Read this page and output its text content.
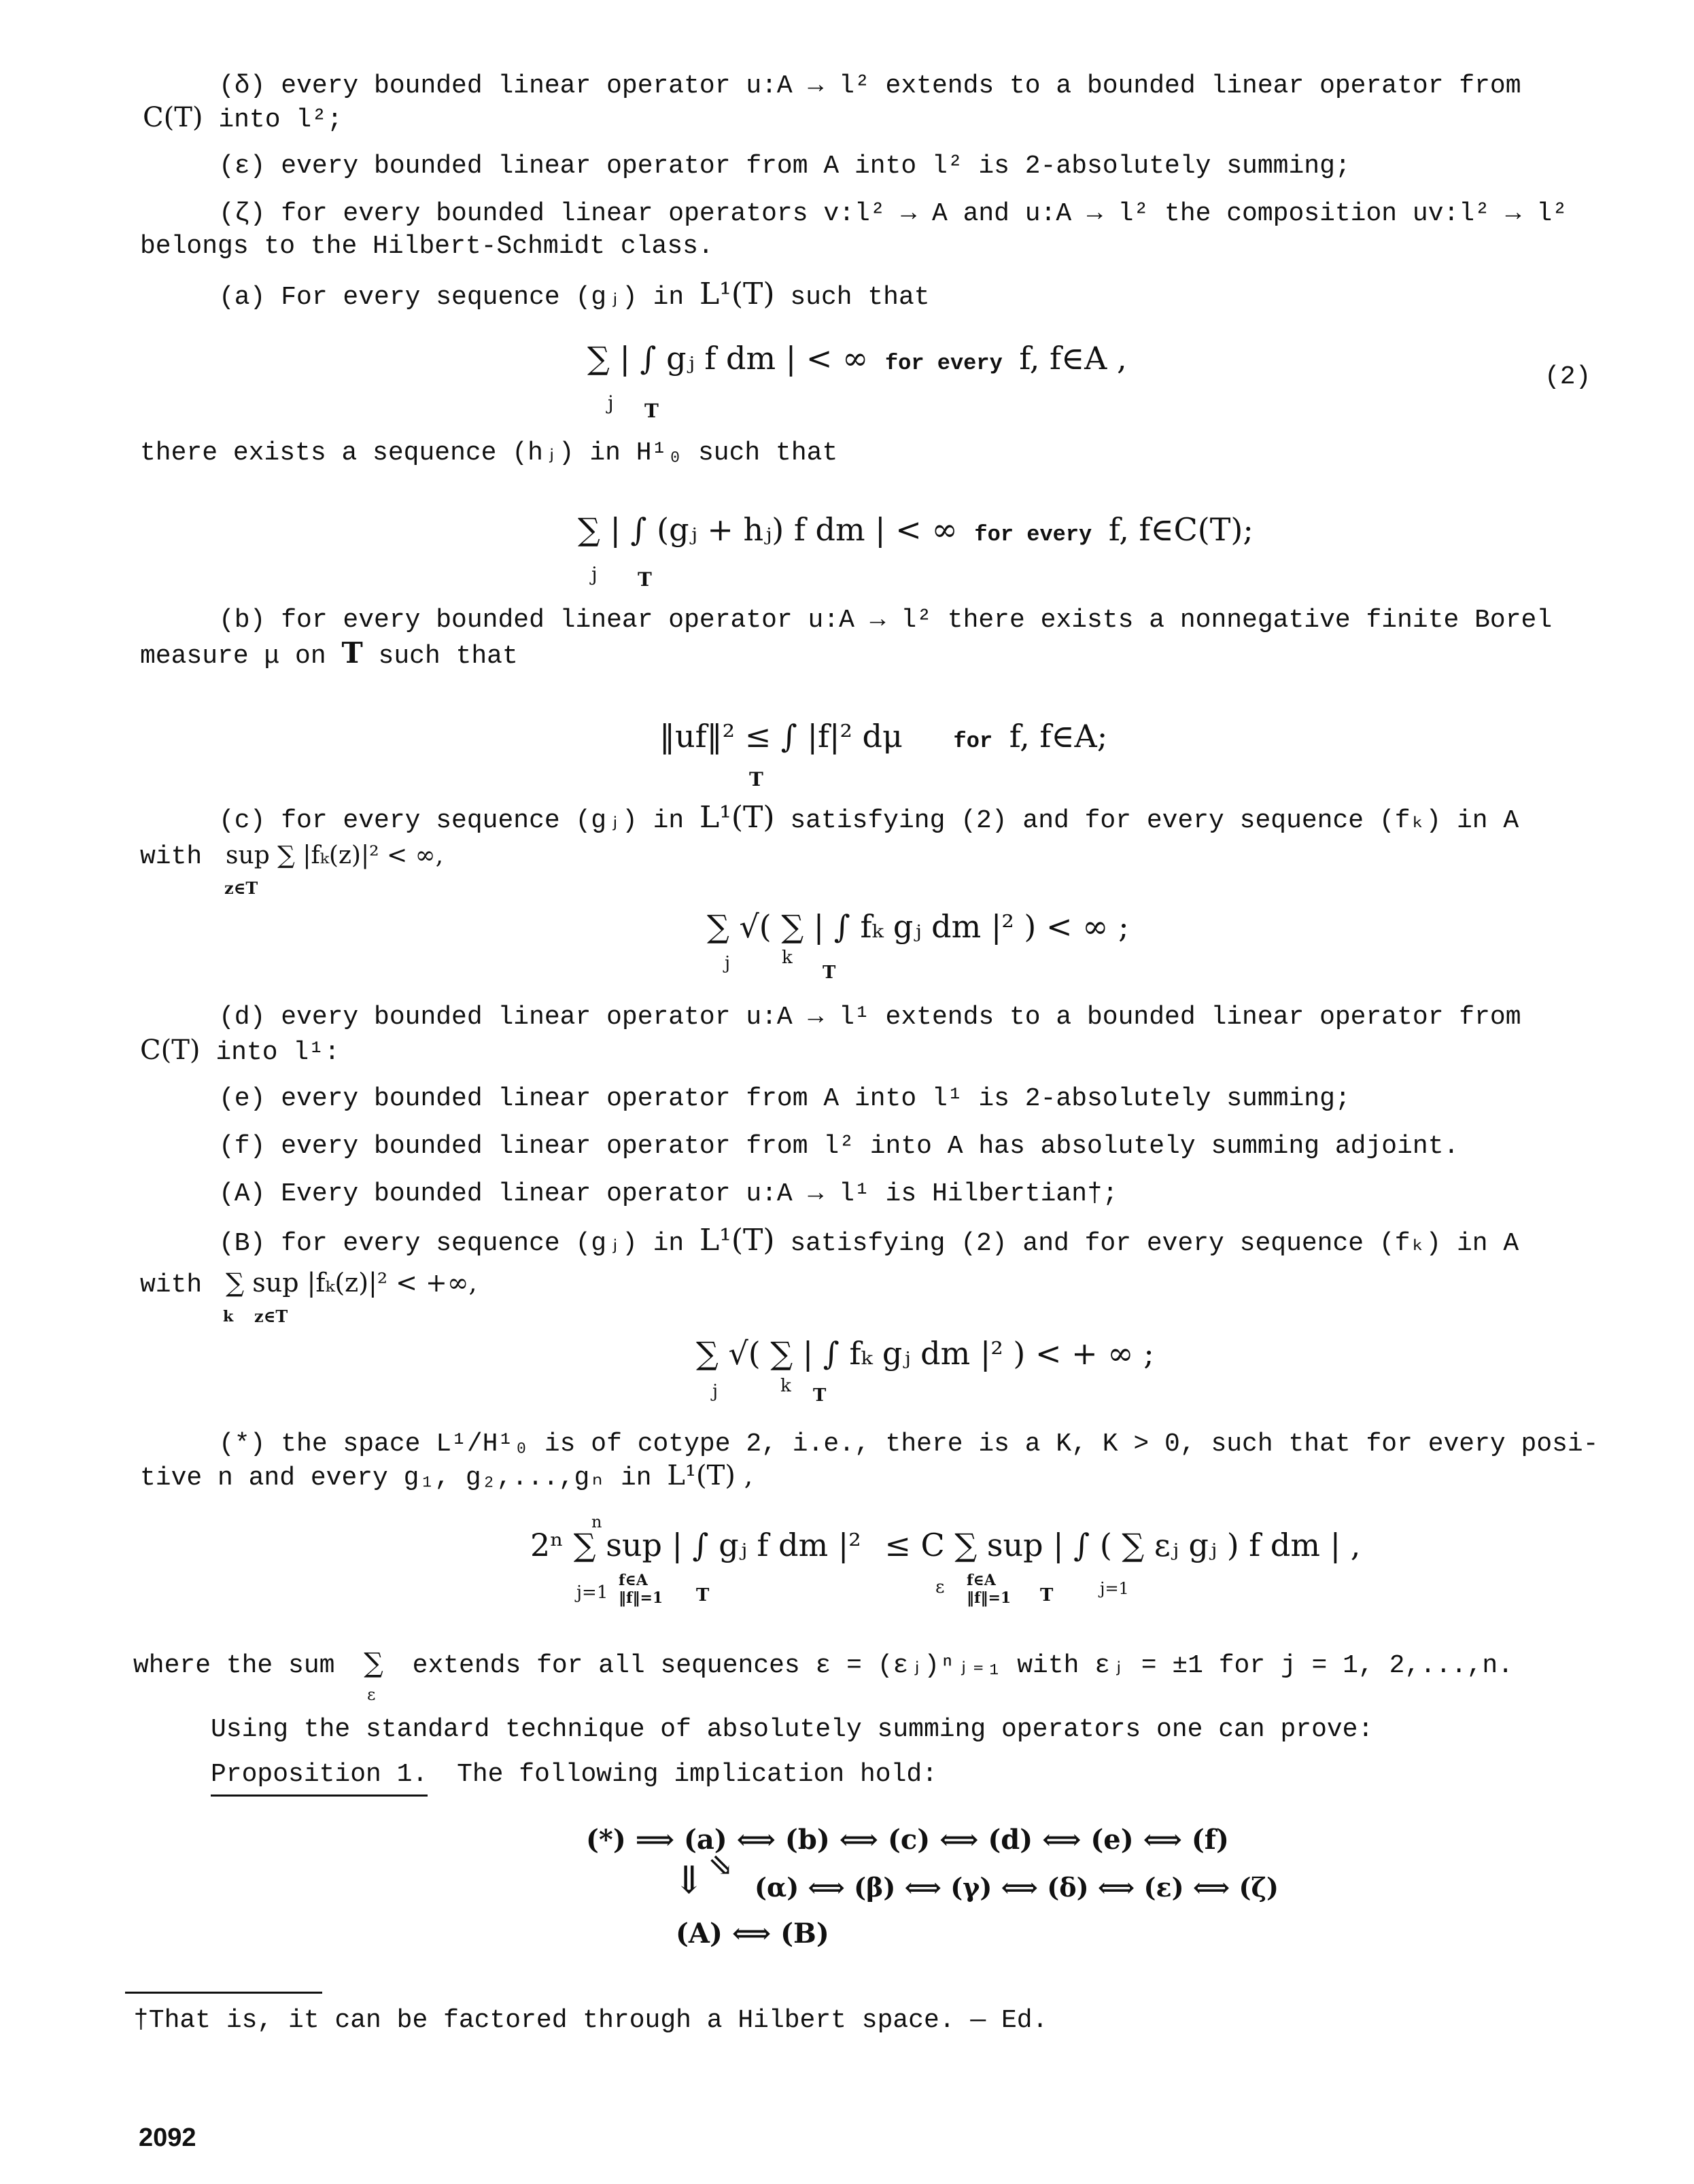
(δ) every bounded linear operator u:A → l² extends to a bounded linear operator from
C(T) into l²;
(ε) every bounded linear operator from A into l² is 2-absolutely summing;
(ζ) for every bounded linear operators v:l² → A and u:A → l² the composition uv:l² → l²
belongs to the Hilbert-Schmidt class.
(a) For every sequence (gⱼ) in L¹(T) such that
∑ | ∫ gⱼ f dm | < ∞ for every f, f∈A ,
j T
(2)
there exists a sequence (hⱼ) in H¹₀ such that
∑ | ∫ (gⱼ + hⱼ) f dm | < ∞ for every f, f∈C(T);
j T
(b) for every bounded linear operator u:A → l² there exists a nonnegative finite Borel
measure μ on T such that
‖uf‖² ≤ ∫ |f|² dμ for f, f∈A;
T
(c) for every sequence (gⱼ) in L¹(T) satisfying (2) and for every sequence (fₖ) in A
with sup ∑ |fₖ(z)|² < ∞,
z∈T
∑ √( ∑ | ∫ fₖ gⱼ dm |² ) < ∞ ;
j	k
T
(d) every bounded linear operator u:A → l¹ extends to a bounded linear operator from
C(T) into l¹:
(e) every bounded linear operator from A into l¹ is 2-absolutely summing;
(f) every bounded linear operator from l² into A has absolutely summing adjoint.
(A) Every bounded linear operator u:A → l¹ is Hilbertian†;
(B) for every sequence (gⱼ) in L¹(T) satisfying (2) and for every sequence (fₖ) in A
with ∑ sup |fₖ(z)|² < +∞,
k z∈T
∑ √( ∑ | ∫ fₖ gⱼ dm |² ) < + ∞ ;
j	k T
(*) the space L¹/H¹₀ is of cotype 2, i.e., there is a K, K > 0, such that for every posi-
tive n and every g₁, g₂,...,gₙ in L¹(T) ,
2ⁿ ∑ sup | ∫ gⱼ f dm |² ≤ C ∑ sup | ∫ ( ∑ εⱼ gⱼ ) f dm | ,
n
j=1
f∈A
‖f‖=1 T	ε f∈A
‖f‖=1 T	j=1
where the sum ∑ extends for all sequences ε = (εⱼ)ⁿⱼ₌₁ with εⱼ = ±1 for j = 1, 2,...,n.
ε
Using the standard technique of absolutely summing operators one can prove:
Proposition 1. The following implication hold:
(*) ⟹ (a) ⟺ (b) ⟺ (c) ⟺ (d) ⟺ (e) ⟺ (f)
⇓ ⇘
(α) ⟺ (β) ⟺ (γ) ⟺ (δ) ⟺ (ε) ⟺ (ζ)
(A) ⟺ (B)
†That is, it can be factored through a Hilbert space. — Ed.
2092
